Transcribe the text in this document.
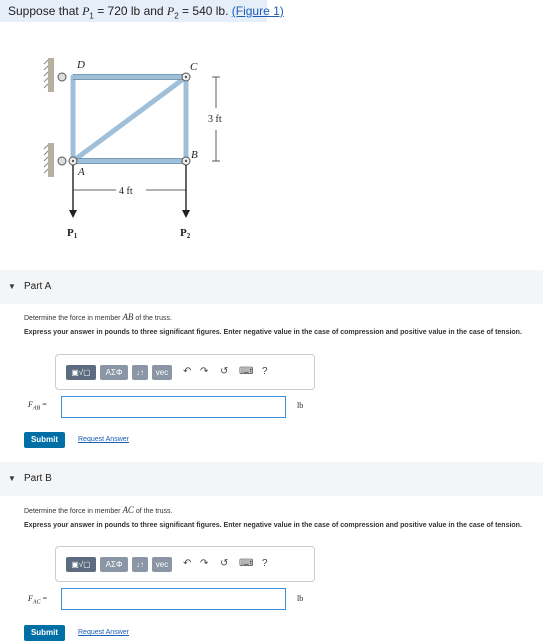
Suppose that $P_1 = 720$ lb and $P_2 = 540$ lb. (Figure 1)
D	C
A
B
3 ft
4 ft
P1	P2
▼ Part A
Determine the force in member AB of the truss.
Express your answer in pounds to three significant figures. Enter negative value in the case of compression and positive value in the case of tension.
▣√▢	ΑΣΦ	↓↑	vec	↶ ↷ ↺ ⌨ ?
$F_{AB}$ =	lb
Submit	Request Answer
▼ Part B
Determine the force in member AC of the truss.
Express your answer in pounds to three significant figures. Enter negative value in the case of compression and positive value in the case of tension.
▣√▢	ΑΣΦ	↓↑	vec	↶ ↷ ↺ ⌨ ?
$F_{AC}$ =	lb
Submit	Request Answer
